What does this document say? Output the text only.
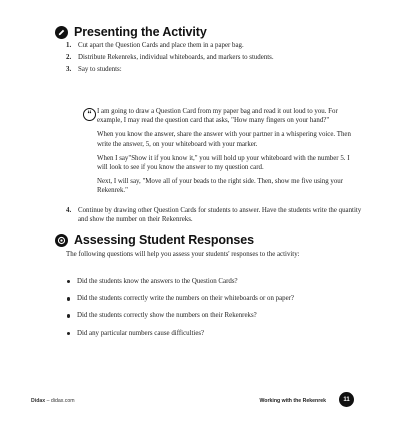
Presenting the Activity
1. Cut apart the Question Cards and place them in a paper bag.
2. Distribute Rekenreks, individual whiteboards, and markers to students.
3. Say to students:
“ I am going to draw a Question Card from my paper bag and read it out loud to you. For example, I may read the question card that asks, "How many fingers on your hand?"

When you know the answer, share the answer with your partner in a whispering voice. Then write the answer, 5, on your whiteboard with your marker.

When I say"Show it if you know it," you will hold up your whiteboard with the number 5. I will look to see if you know the answer to my question card.

Next, I will say, "Move all of your beads to the right side. Then, show me five using your Rekenrek."

4. Continue by drawing other Question Cards for students to answer. Have the students write the quantity and show the number on their Rekenreks.
Assessing Student Responses

The following questions will help you assess your students' responses to the activity:

Did the students know the answers to the Question Cards?
Did the students correctly write the numbers on their whiteboards or on paper?
Did the students correctly show the numbers on their Rekenreks?
Did any particular numbers cause difficulties?
Didax – didax.com	Working with the Rekenrek	11
